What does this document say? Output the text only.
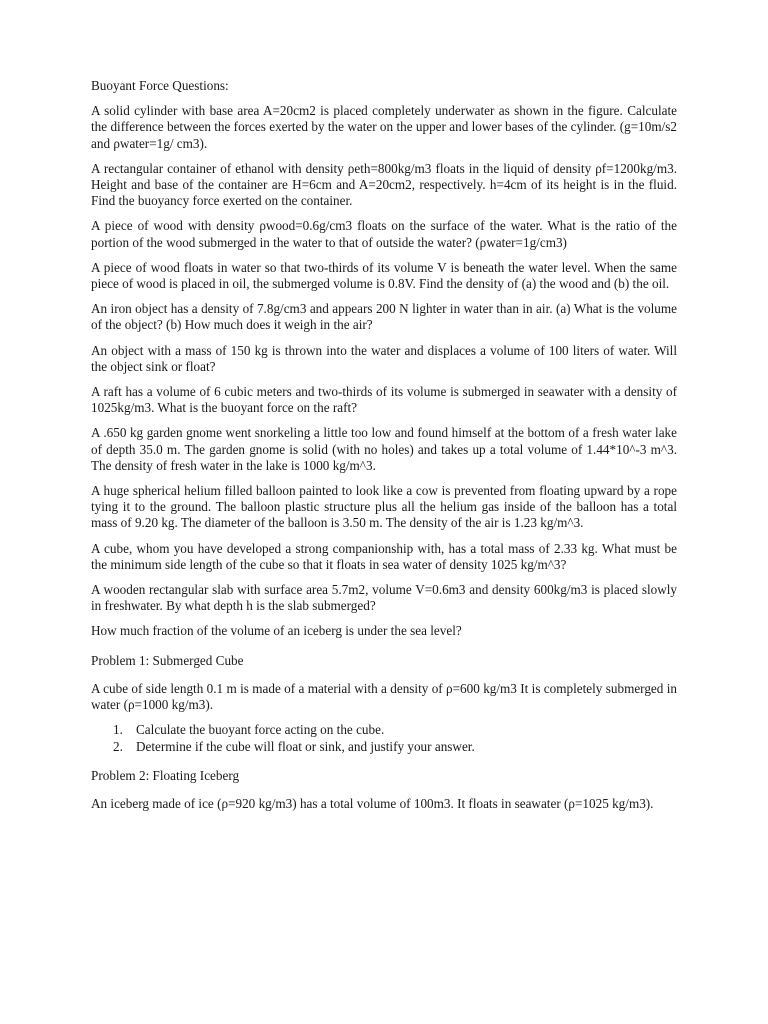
Buoyant Force Questions:

A solid cylinder with base area A=20cm2 is placed completely underwater as shown in the figure. Calculate the difference between the forces exerted by the water on the upper and lower bases of the cylinder. (g=10m/s2 and ρwater=1g/ cm3).

A rectangular container of ethanol with density ρeth=800kg/m3 floats in the liquid of density ρf=1200kg/m3. Height and base of the container are H=6cm and A=20cm2, respectively. h=4cm of its height is in the fluid. Find the buoyancy force exerted on the container.

A piece of wood with density ρwood=0.6g/cm3 floats on the surface of the water. What is the ratio of the portion of the wood submerged in the water to that of outside the water? (ρwater=1g/cm3)

A piece of wood floats in water so that two-thirds of its volume V is beneath the water level. When the same piece of wood is placed in oil, the submerged volume is 0.8V. Find the density of (a) the wood and (b) the oil.

An iron object has a density of 7.8g/cm3 and appears 200 N lighter in water than in air. (a) What is the volume of the object? (b) How much does it weigh in the air?

An object with a mass of 150 kg is thrown into the water and displaces a volume of 100 liters of water. Will the object sink or float?

A raft has a volume of 6 cubic meters and two-thirds of its volume is submerged in seawater with a density of 1025kg/m3. What is the buoyant force on the raft?

A .650 kg garden gnome went snorkeling a little too low and found himself at the bottom of a fresh water lake of depth 35.0 m. The garden gnome is solid (with no holes) and takes up a total volume of 1.44*10^-3 m^3. The density of fresh water in the lake is 1000 kg/m^3.

A huge spherical helium filled balloon painted to look like a cow is prevented from floating upward by a rope tying it to the ground. The balloon plastic structure plus all the helium gas inside of the balloon has a total mass of 9.20 kg. The diameter of the balloon is 3.50 m. The density of the air is 1.23 kg/m^3.

A cube, whom you have developed a strong companionship with, has a total mass of 2.33 kg. What must be the minimum side length of the cube so that it floats in sea water of density 1025 kg/m^3?

A wooden rectangular slab with surface area 5.7m2, volume V=0.6m3 and density 600kg/m3 is placed slowly in freshwater. By what depth h is the slab submerged?

How much fraction of the volume of an iceberg is under the sea level?

Problem 1: Submerged Cube

A cube of side length 0.1 m is made of a material with a density of ρ=600 kg/m3 It is completely submerged in water (ρ=1000 kg/m3).

1. Calculate the buoyant force acting on the cube.
2. Determine if the cube will float or sink, and justify your answer.

Problem 2: Floating Iceberg

An iceberg made of ice (ρ=920 kg/m3) has a total volume of 100m3. It floats in seawater (ρ=1025 kg/m3).
